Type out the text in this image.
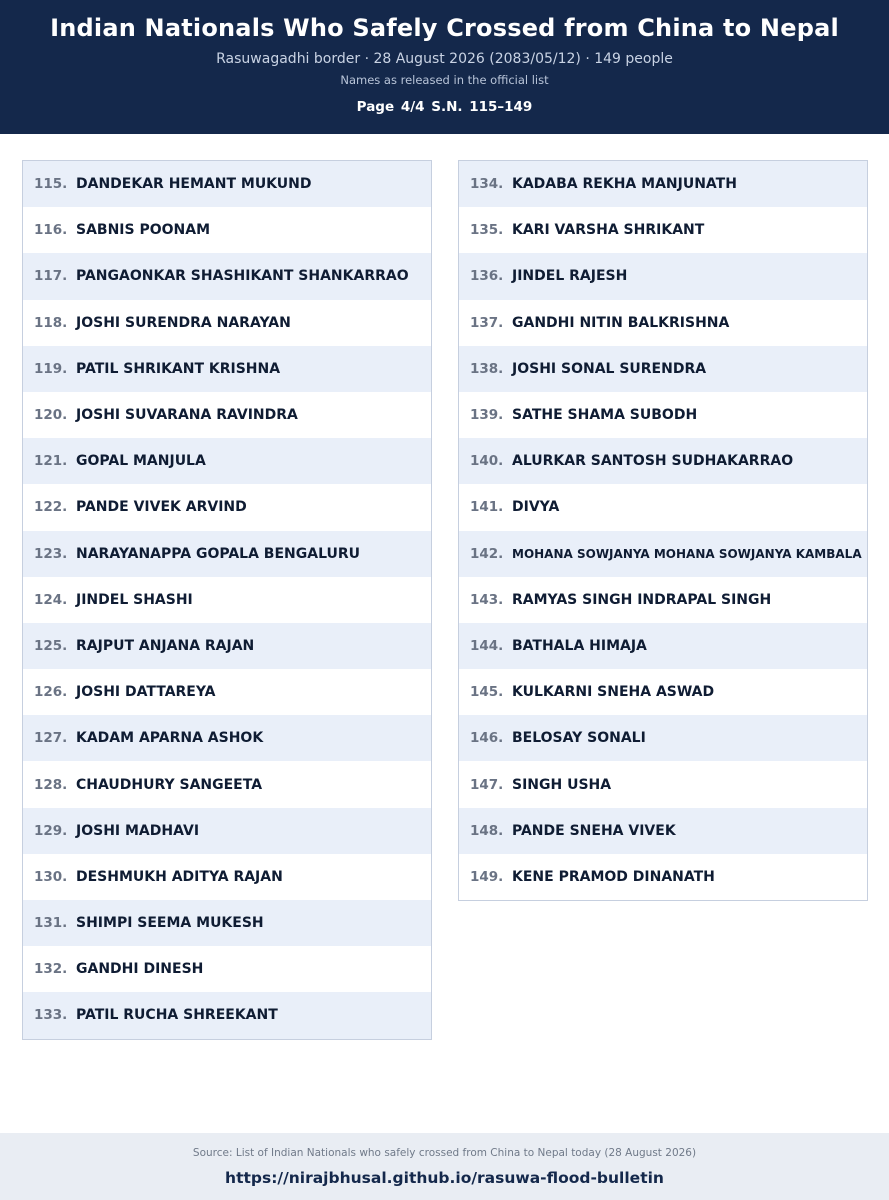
Indian Nationals Who Safely Crossed from China to Nepal
Rasuwagadhi border · 28 August 2026 (2083/05/12) · 149 people
Names as released in the official list
Page 4/4 S.N. 115–149
115. DANDEKAR HEMANT MUKUND
116. SABNIS POONAM
117. PANGAONKAR SHASHIKANT SHANKARRAO
118. JOSHI SURENDRA NARAYAN
119. PATIL SHRIKANT KRISHNA
120. JOSHI SUVARANA RAVINDRA
121. GOPAL MANJULA
122. PANDE VIVEK ARVIND
123. NARAYANAPPA GOPALA BENGALURU
124. JINDEL SHASHI
125. RAJPUT ANJANA RAJAN
126. JOSHI DATTAREYA
127. KADAM APARNA ASHOK
128. CHAUDHURY SANGEETA
129. JOSHI MADHAVI
130. DESHMUKH ADITYA RAJAN
131. SHIMPI SEEMA MUKESH
132. GANDHI DINESH
133. PATIL RUCHA SHREEKANT
134. KADABA REKHA MANJUNATH
135. KARI VARSHA SHRIKANT
136. JINDEL RAJESH
137. GANDHI NITIN BALKRISHNA
138. JOSHI SONAL SURENDRA
139. SATHE SHAMA SUBODH
140. ALURKAR SANTOSH SUDHAKARRAO
141. DIVYA
142. MOHANA SOWJANYA MOHANA SOWJANYA KAMBALA
143. RAMYAS SINGH INDRAPAL SINGH
144. BATHALA HIMAJA
145. KULKARNI SNEHA ASWAD
146. BELOSAY SONALI
147. SINGH USHA
148. PANDE SNEHA VIVEK
149. KENE PRAMOD DINANATH
Source: List of Indian Nationals who safely crossed from China to Nepal today (28 August 2026)
https://nirajbhusal.github.io/rasuwa-flood-bulletin
